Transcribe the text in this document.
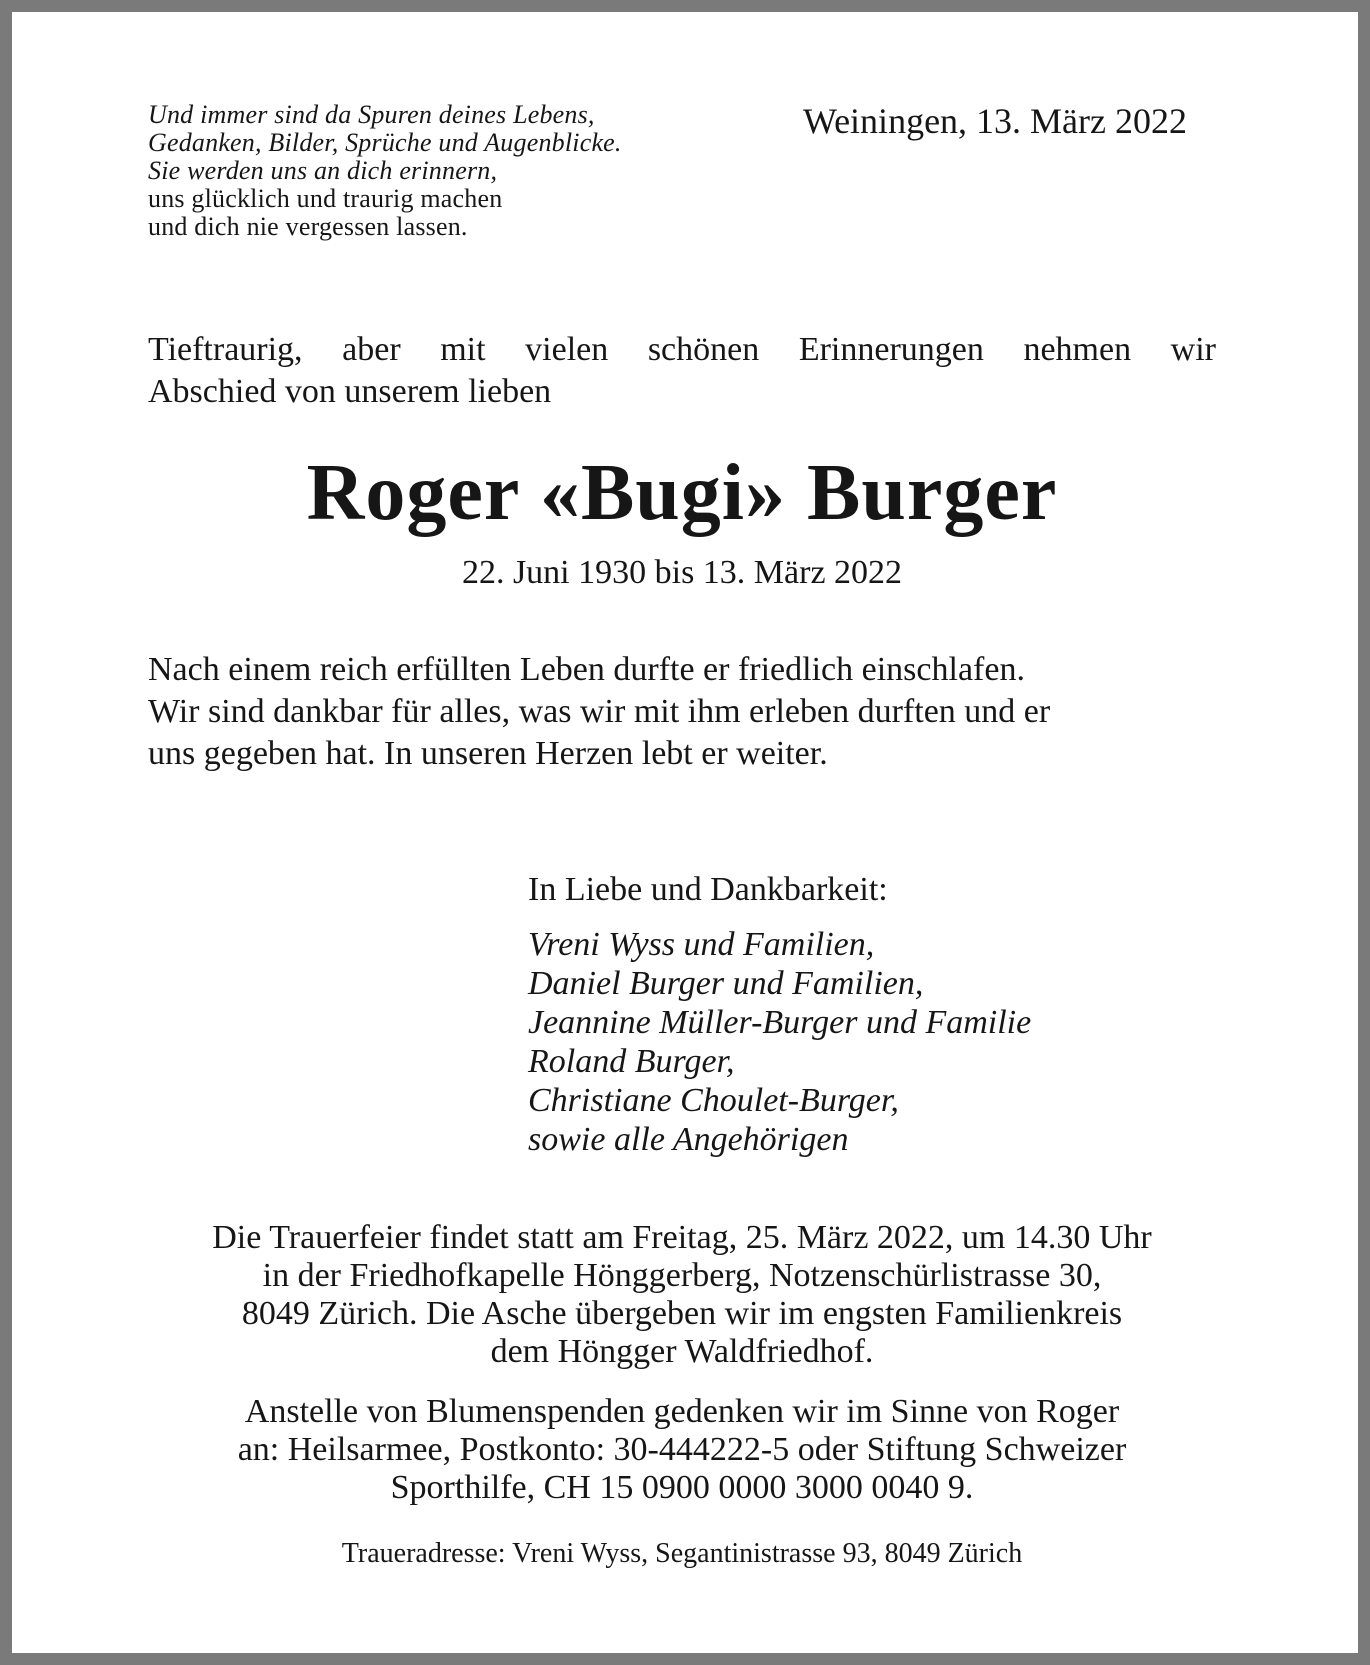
Und immer sind da Spuren deines Lebens,
Gedanken, Bilder, Sprüche und Augenblicke.
Sie werden uns an dich erinnern,
uns glücklich und traurig machen
und dich nie vergessen lassen.
Weiningen, 13. März 2022
Tieftraurig, aber mit vielen schönen Erinnerungen nehmen wir
Abschied von unserem lieben
Roger «Bugi» Burger
22. Juni 1930 bis 13. März 2022
Nach einem reich erfüllten Leben durfte er friedlich einschlafen.
Wir sind dankbar für alles, was wir mit ihm erleben durften und er
uns gegeben hat. In unseren Herzen lebt er weiter.
In Liebe und Dankbarkeit:
Vreni Wyss und Familien,
Daniel Burger und Familien,
Jeannine Müller-Burger und Familie
Roland Burger,
Christiane Choulet-Burger,
sowie alle Angehörigen
Die Trauerfeier findet statt am Freitag, 25. März 2022, um 14.30 Uhr
in der Friedhofkapelle Hönggerberg, Notzenschürlistrasse 30,
8049 Zürich. Die Asche übergeben wir im engsten Familienkreis
dem Höngger Waldfriedhof.
Anstelle von Blumenspenden gedenken wir im Sinne von Roger
an: Heilsarmee, Postkonto: 30-444222-5 oder Stiftung Schweizer
Sporthilfe, CH 15 0900 0000 3000 0040 9.
Traueradresse: Vreni Wyss, Segantinistrasse 93, 8049 Zürich
